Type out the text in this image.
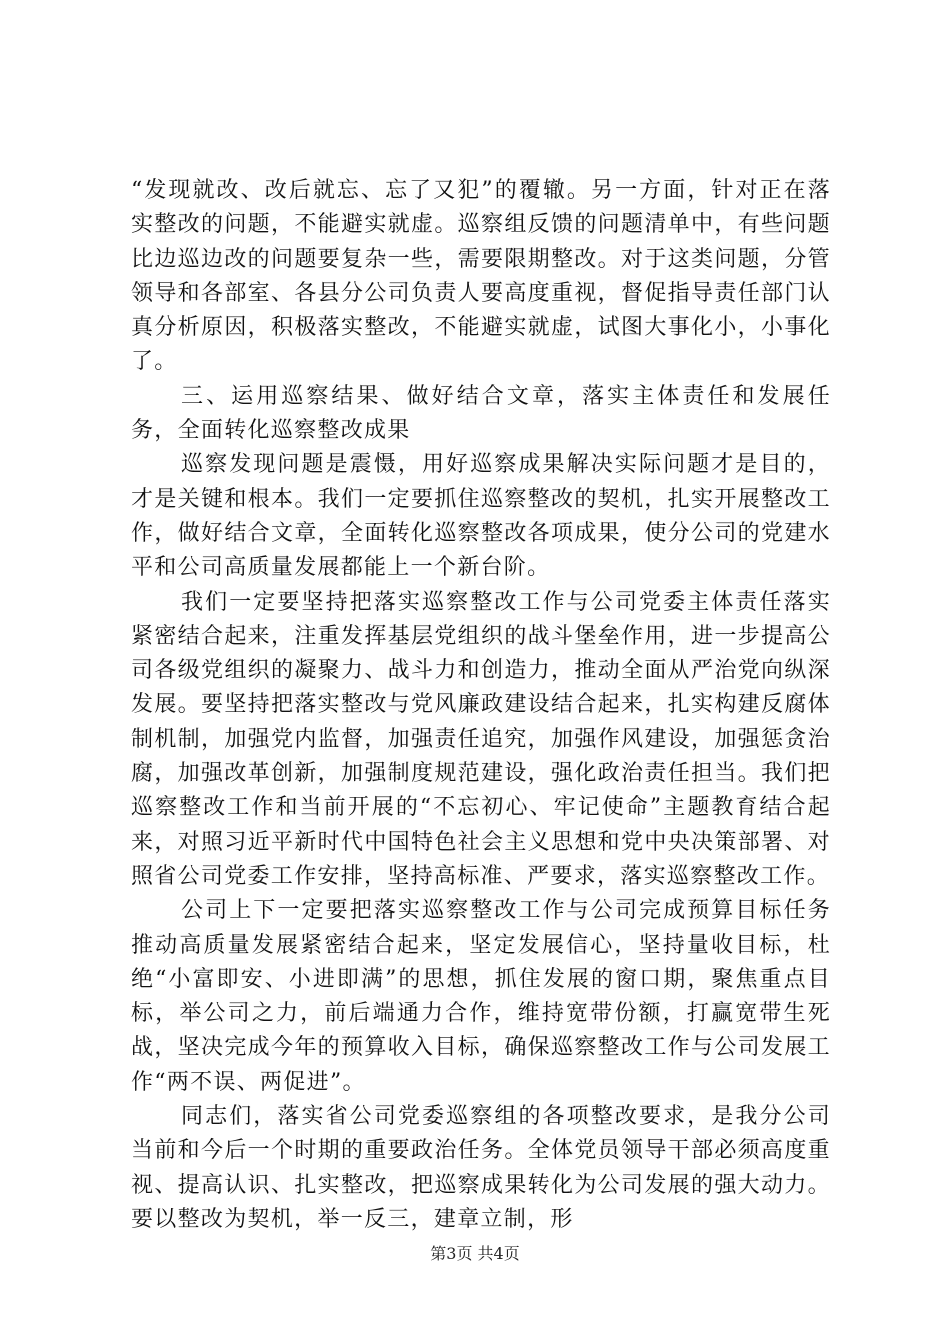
“发现就改、改后就忘、忘了又犯”的覆辙。另一方面，针对正在落实整改的问题，不能避实就虚。巡察组反馈的问题清单中，有些问题比边巡边改的问题要复杂一些，需要限期整改。对于这类问题，分管领导和各部室、各县分公司负责人要高度重视，督促指导责任部门认真分析原因，积极落实整改，不能避实就虚，试图大事化小，小事化了。

三、运用巡察结果、做好结合文章，落实主体责任和发展任务，全面转化巡察整改成果

巡察发现问题是震慑，用好巡察成果解决实际问题才是目的，才是关键和根本。我们一定要抓住巡察整改的契机，扎实开展整改工作，做好结合文章，全面转化巡察整改各项成果，使分公司的党建水平和公司高质量发展都能上一个新台阶。

我们一定要坚持把落实巡察整改工作与公司党委主体责任落实紧密结合起来，注重发挥基层党组织的战斗堡垒作用，进一步提高公司各级党组织的凝聚力、战斗力和创造力，推动全面从严治党向纵深发展。要坚持把落实整改与党风廉政建设结合起来，扎实构建反腐体制机制，加强党内监督，加强责任追究，加强作风建设，加强惩贪治腐，加强改革创新，加强制度规范建设，强化政治责任担当。我们把巡察整改工作和当前开展的“不忘初心、牢记使命”主题教育结合起来，对照习近平新时代中国特色社会主义思想和党中央决策部署、对照省公司党委工作安排，坚持高标准、严要求，落实巡察整改工作。

公司上下一定要把落实巡察整改工作与公司完成预算目标任务推动高质量发展紧密结合起来，坚定发展信心，坚持量收目标，杜绝“小富即安、小进即满”的思想，抓住发展的窗口期，聚焦重点目标，举公司之力，前后端通力合作，维持宽带份额，打赢宽带生死战，坚决完成今年的预算收入目标，确保巡察整改工作与公司发展工作“两不误、两促进”。

同志们，落实省公司党委巡察组的各项整改要求，是我分公司当前和今后一个时期的重要政治任务。全体党员领导干部必须高度重视、提高认识、扎实整改，把巡察成果转化为公司发展的强大动力。要以整改为契机，举一反三，建章立制，形

第3页 共4页
